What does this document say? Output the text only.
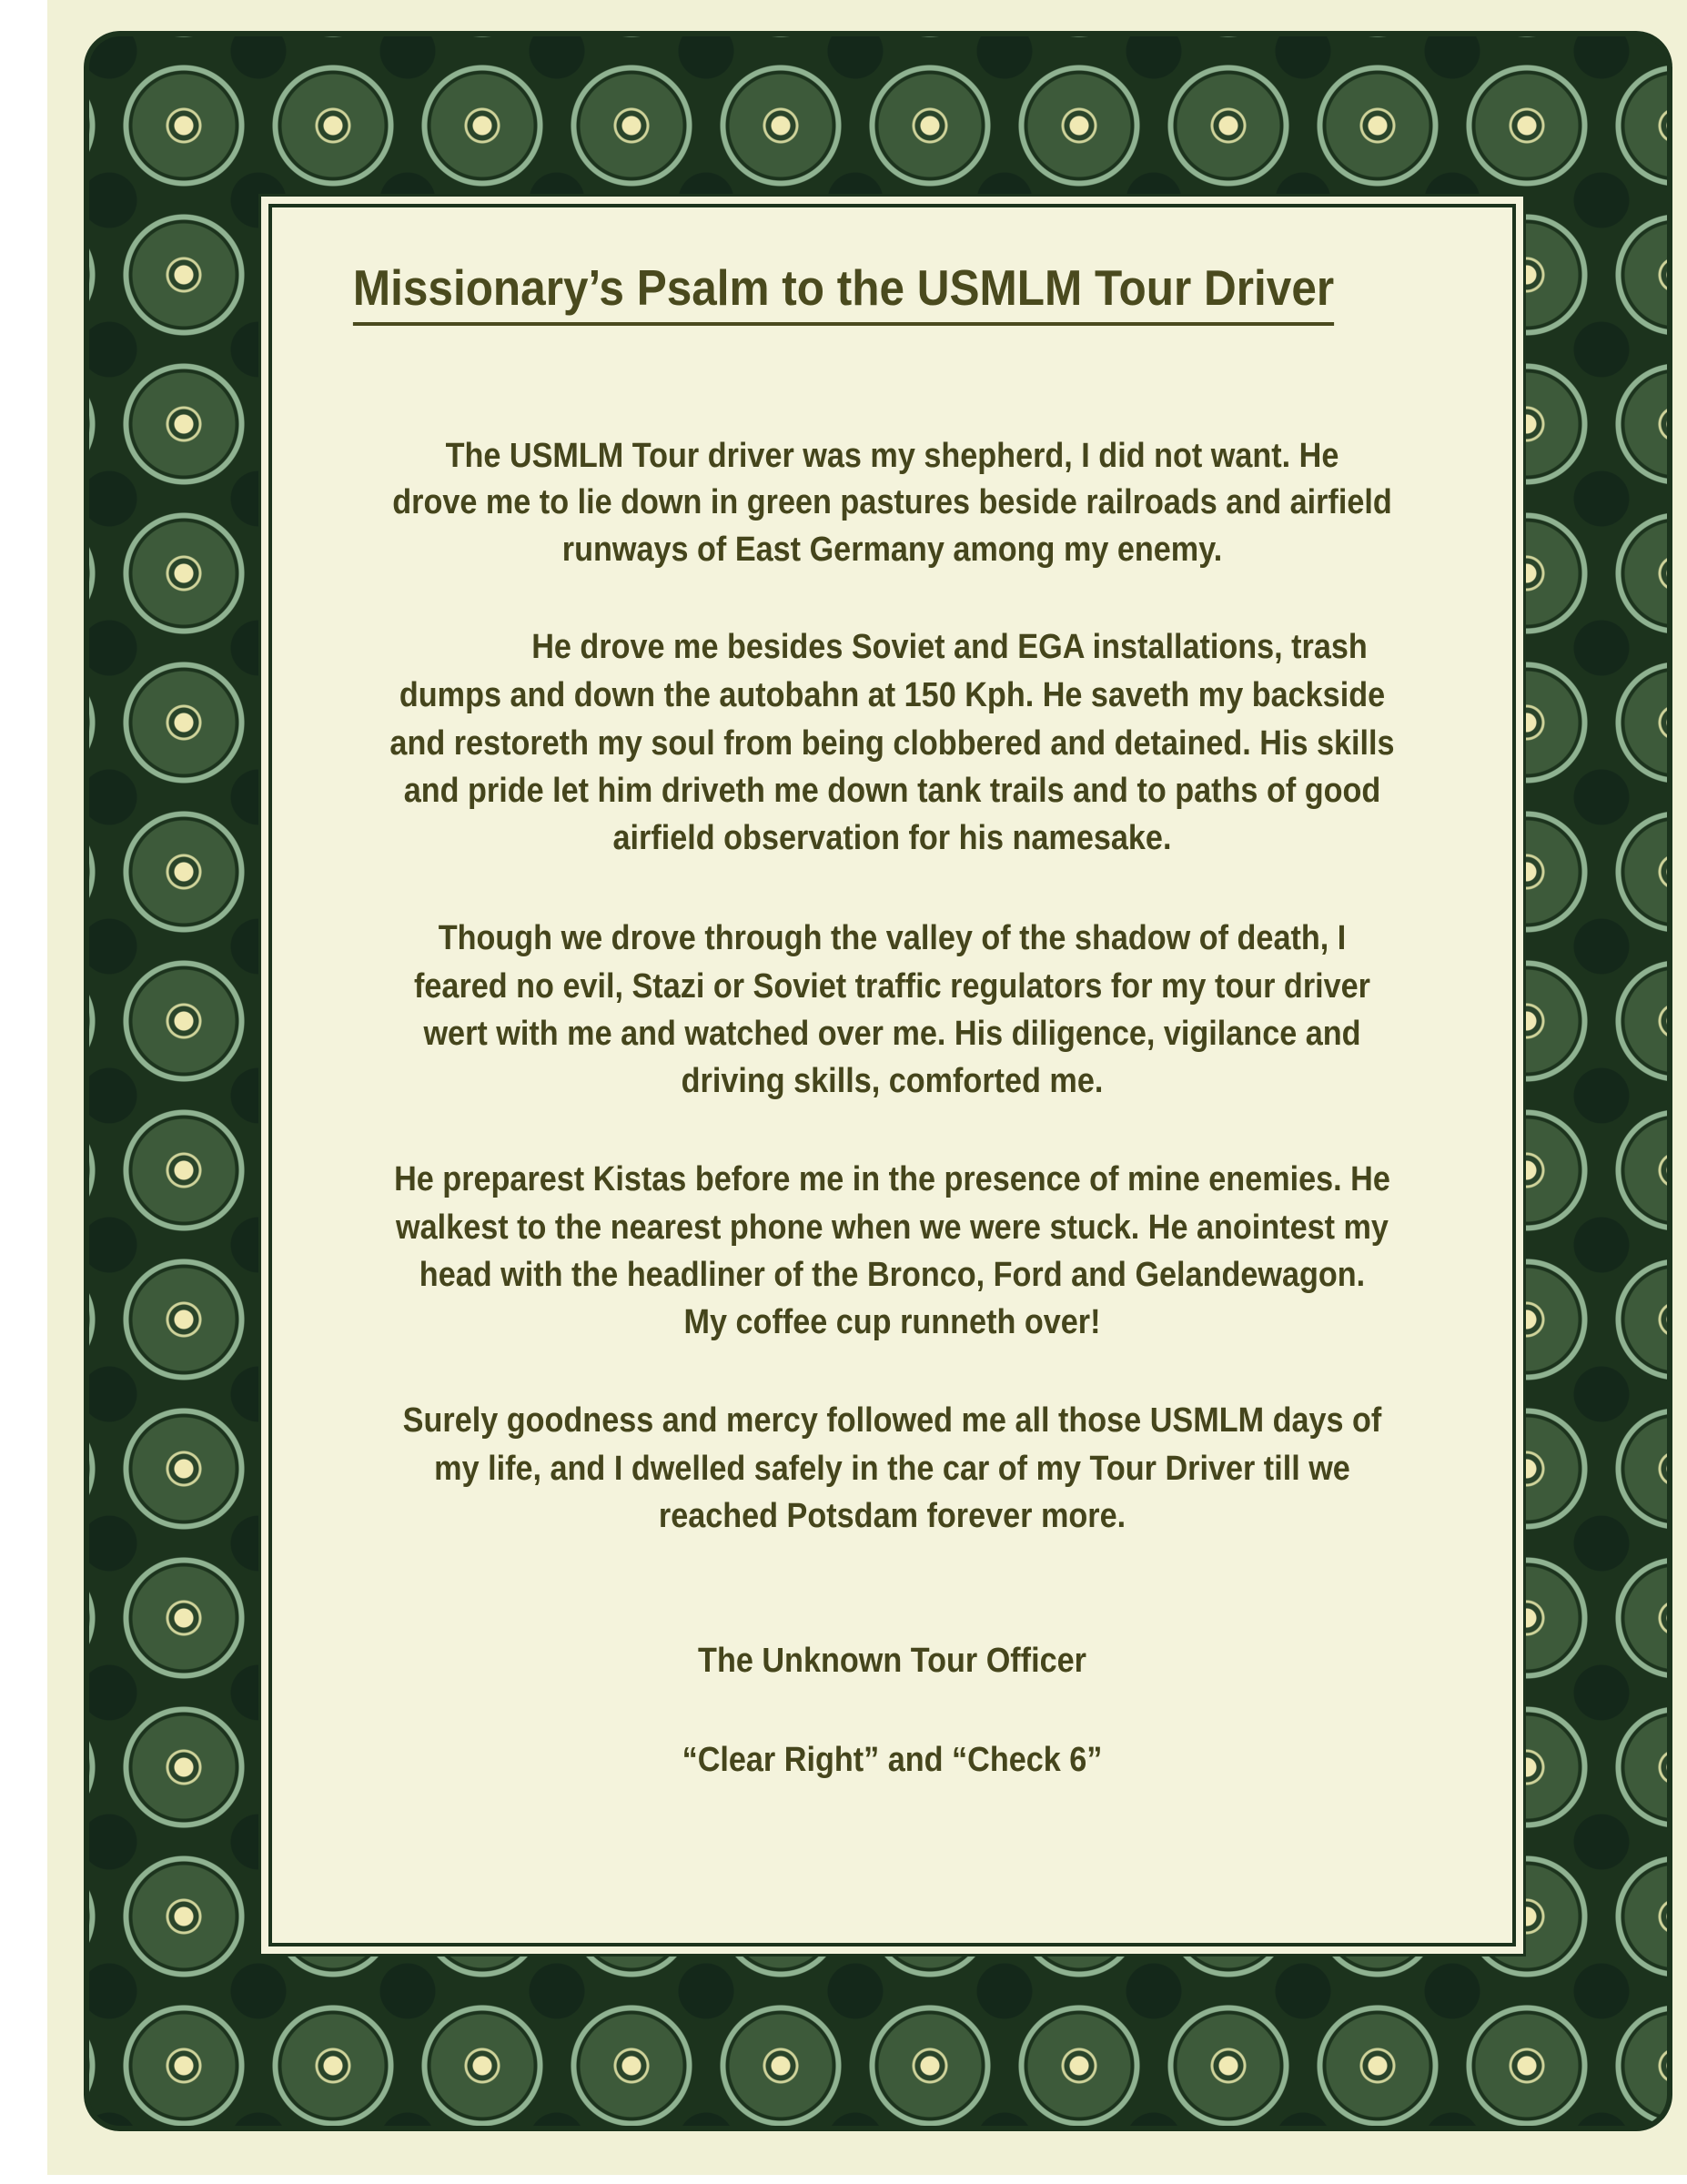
Missionary’s Psalm to the USMLM Tour Driver
The USMLM Tour driver was my shepherd, I did not want. He
drove me to lie down in green pastures beside railroads and airfield
runways of East Germany among my enemy.
He drove me besides Soviet and EGA installations, trash
dumps and down the autobahn at 150 Kph. He saveth my backside
and restoreth my soul from being clobbered and detained. His skills
and pride let him driveth me down tank trails and to paths of good
airfield observation for his namesake.
Though we drove through the valley of the shadow of death, I
feared no evil, Stazi or Soviet traffic regulators for my tour driver
wert with me and watched over me. His diligence, vigilance and
driving skills, comforted me.
He preparest Kistas before me in the presence of mine enemies. He
walkest to the nearest phone when we were stuck. He anointest my
head with the headliner of the Bronco, Ford and Gelandewagon.
My coffee cup runneth over!
Surely goodness and mercy followed me all those USMLM days of
my life, and I dwelled safely in the car of my Tour Driver till we
reached Potsdam forever more.
The Unknown Tour Officer
“Clear Right” and “Check 6”
